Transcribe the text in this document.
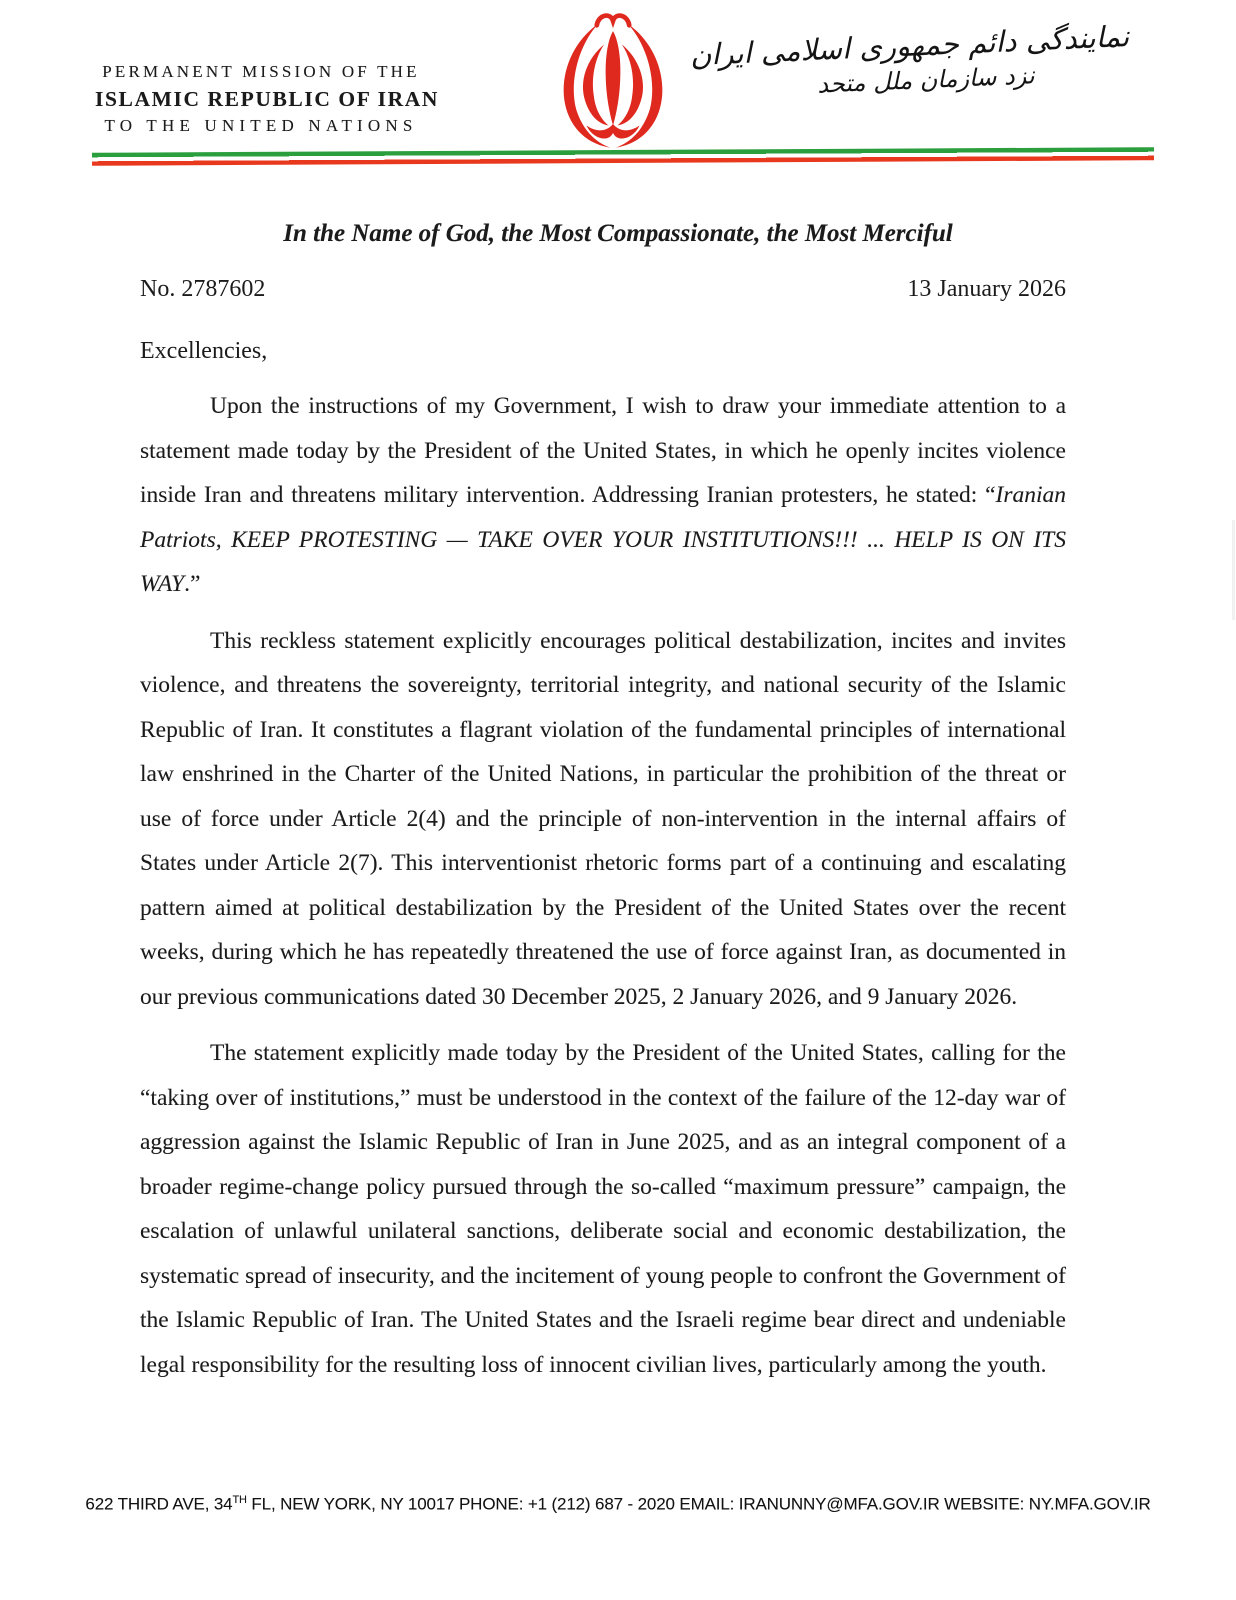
PERMANENT MISSION OF THE
ISLAMIC REPUBLIC OF IRAN
TO THE UNITED NATIONS
نمایندگی دائم جمهوری اسلامی ایران
نزد سازمان ملل متحد
In the Name of God, the Most Compassionate, the Most Merciful
No. 2787602	13 January 2026
Excellencies,

Upon the instructions of my Government, I wish to draw your immediate attention to a statement made today by the President of the United States, in which he openly incites violence inside Iran and threatens military intervention. Addressing Iranian protesters, he stated: “Iranian Patriots, KEEP PROTESTING — TAKE OVER YOUR INSTITUTIONS!!! ... HELP IS ON ITS WAY.”

This reckless statement explicitly encourages political destabilization, incites and invites violence, and threatens the sovereignty, territorial integrity, and national security of the Islamic Republic of Iran. It constitutes a flagrant violation of the fundamental principles of international law enshrined in the Charter of the United Nations, in particular the prohibition of the threat or use of force under Article 2(4) and the principle of non-intervention in the internal affairs of States under Article 2(7). This interventionist rhetoric forms part of a continuing and escalating pattern aimed at political destabilization by the President of the United States over the recent weeks, during which he has repeatedly threatened the use of force against Iran, as documented in our previous communications dated 30 December 2025, 2 January 2026, and 9 January 2026.

The statement explicitly made today by the President of the United States, calling for the “taking over of institutions,” must be understood in the context of the failure of the 12-day war of aggression against the Islamic Republic of Iran in June 2025, and as an integral component of a broader regime-change policy pursued through the so-called “maximum pressure” campaign, the escalation of unlawful unilateral sanctions, deliberate social and economic destabilization, the systematic spread of insecurity, and the incitement of young people to confront the Government of the Islamic Republic of Iran. The United States and the Israeli regime bear direct and undeniable legal responsibility for the resulting loss of innocent civilian lives, particularly among the youth.

622 THIRD AVE, 34TH FL, NEW YORK, NY 10017 PHONE: +1 (212) 687 - 2020 EMAIL: IRANUNNY@MFA.GOV.IR WEBSITE: NY.MFA.GOV.IR
